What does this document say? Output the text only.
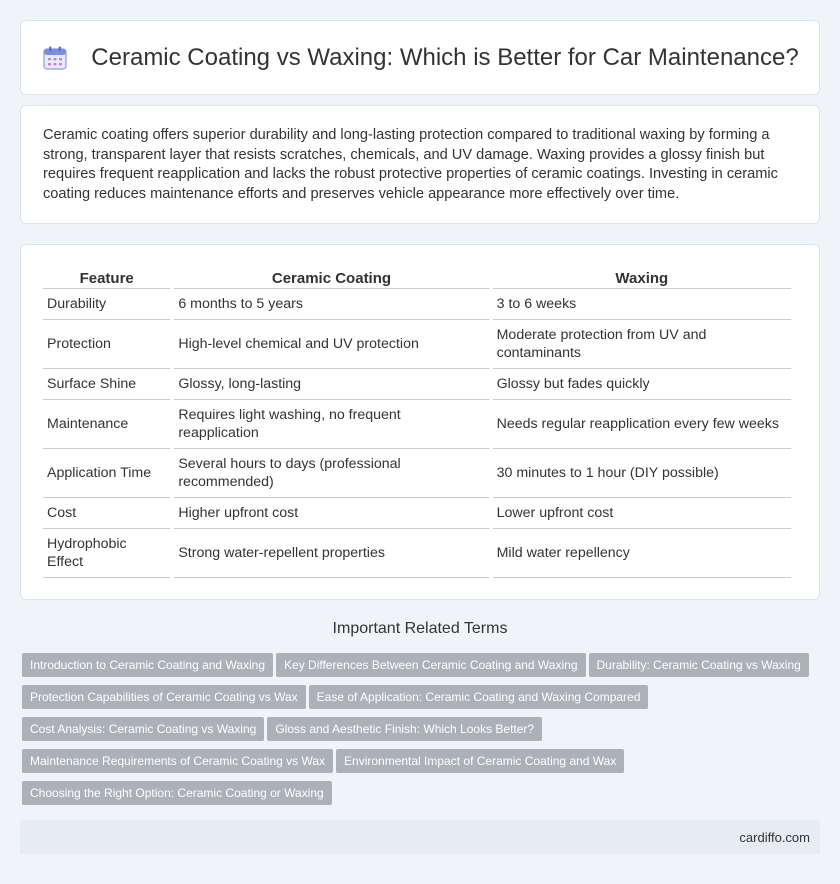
Ceramic Coating vs Waxing: Which is Better for Car Maintenance?

Ceramic coating offers superior durability and long-lasting protection compared to traditional waxing by forming a strong, transparent layer that resists scratches, chemicals, and UV damage. Waxing provides a glossy finish but requires frequent reapplication and lacks the robust protective properties of ceramic coatings. Investing in ceramic coating reduces maintenance efforts and preserves vehicle appearance more effectively over time.

Feature	Ceramic Coating	Waxing
Durability	6 months to 5 years	3 to 6 weeks
Protection	High-level chemical and UV protection	Moderate protection from UV and contaminants
Surface Shine	Glossy, long-lasting	Glossy but fades quickly
Maintenance	Requires light washing, no frequent reapplication	Needs regular reapplication every few weeks
Application Time	Several hours to days (professional recommended)	30 minutes to 1 hour (DIY possible)
Cost	Higher upfront cost	Lower upfront cost
Hydrophobic Effect	Strong water-repellent properties	Mild water repellency
Important Related Terms
Introduction to Ceramic Coating and Waxing Key Differences Between Ceramic Coating and Waxing Durability: Ceramic Coating vs Waxing
Protection Capabilities of Ceramic Coating vs Wax Ease of Application: Ceramic Coating and Waxing Compared
Cost Analysis: Ceramic Coating vs Waxing Gloss and Aesthetic Finish: Which Looks Better?
Maintenance Requirements of Ceramic Coating vs Wax Environmental Impact of Ceramic Coating and Wax
Choosing the Right Option: Ceramic Coating or Waxing
cardiffo.com
